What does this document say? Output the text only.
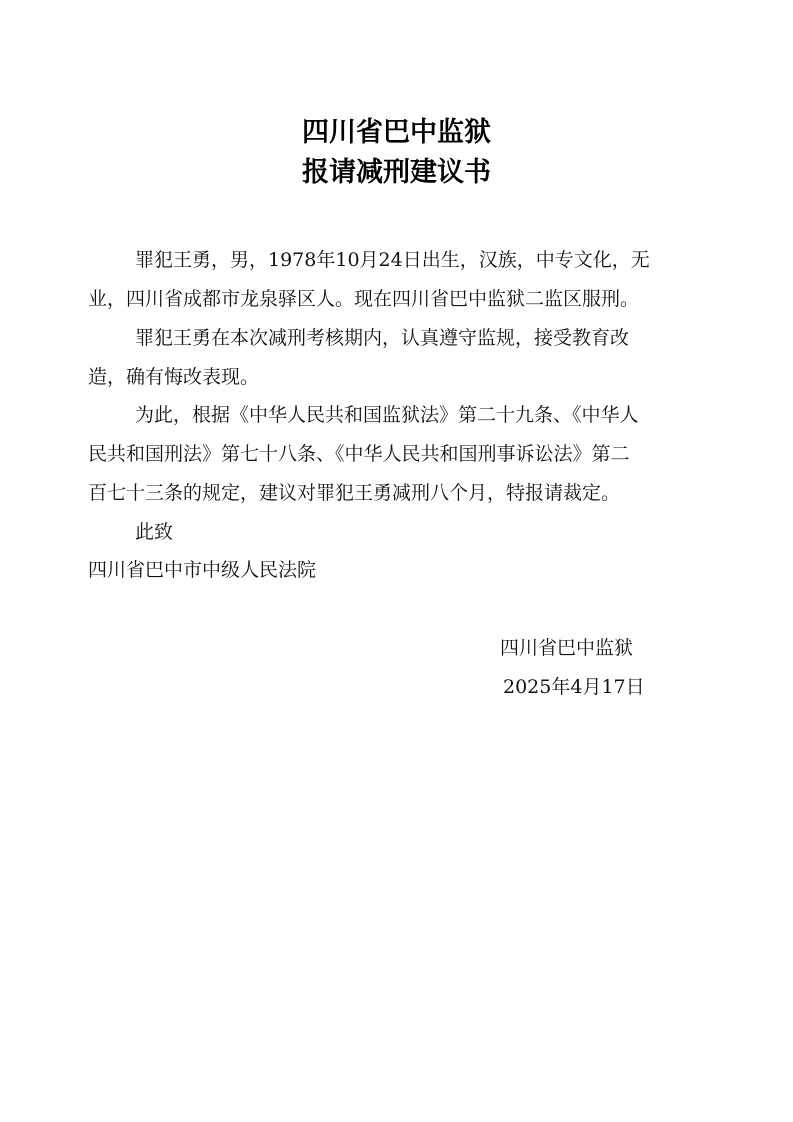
四川省巴中监狱
报请减刑建议书
罪犯王勇，男，1978年10月24日出生，汉族，中专文化，无
业，四川省成都市龙泉驿区人。现在四川省巴中监狱二监区服刑。
罪犯王勇在本次减刑考核期内，认真遵守监规，接受教育改
造，确有悔改表现。
为此，根据《中华人民共和国监狱法》第二十九条、《中华人
民共和国刑法》第七十八条、《中华人民共和国刑事诉讼法》第二
百七十三条的规定，建议对罪犯王勇减刑八个月，特报请裁定。
此致
四川省巴中市中级人民法院
四川省巴中监狱
2025年4月17日
